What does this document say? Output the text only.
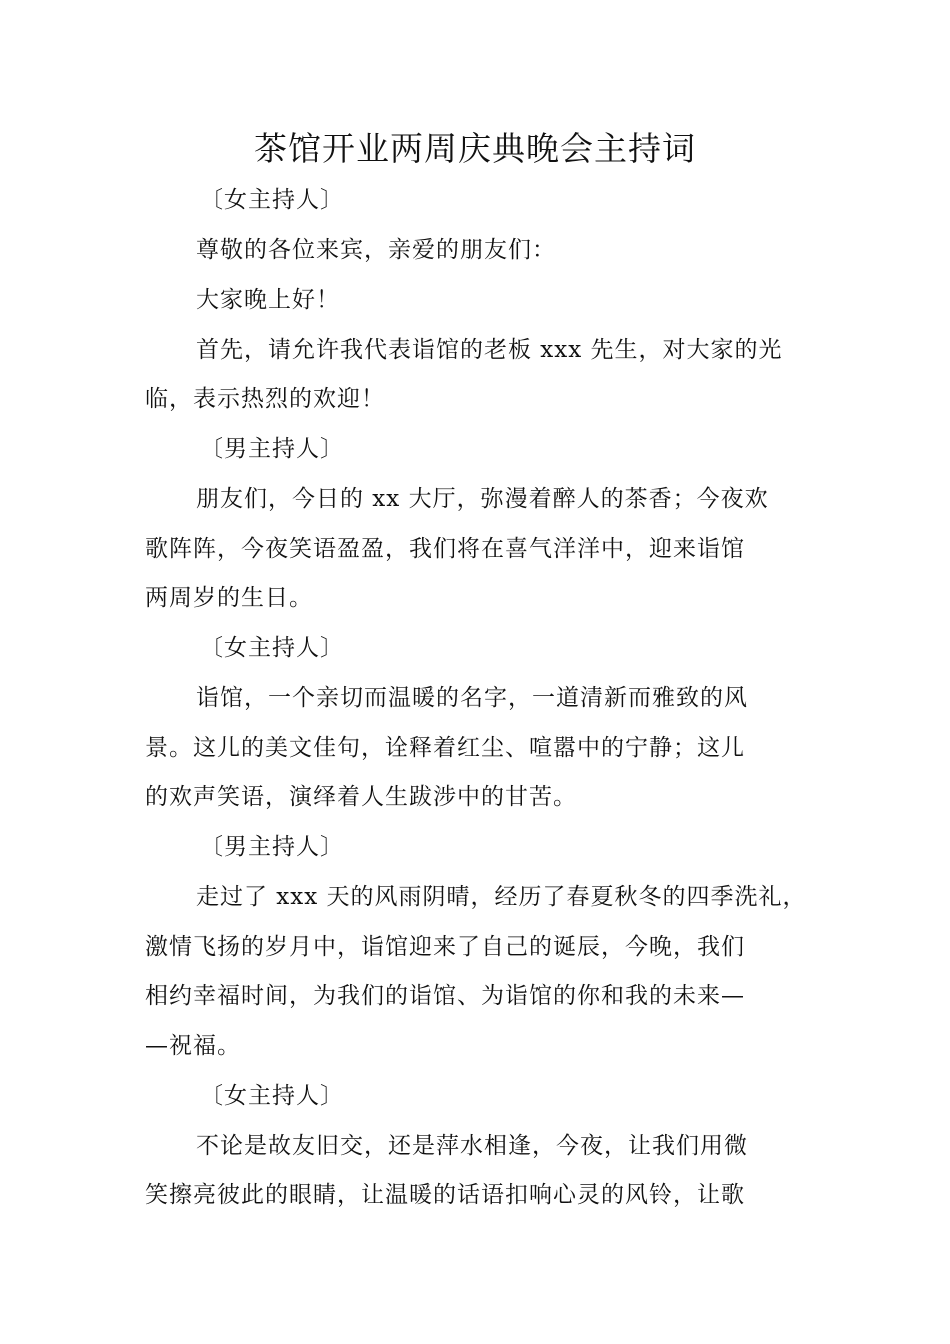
茶馆开业两周庆典晚会主持词

〔女主持人〕

尊敬的各位来宾，亲爱的朋友们：

大家晚上好！

首先，请允许我代表诣馆的老板 xxx 先生，对大家的光

临，表示热烈的欢迎！

〔男主持人〕

朋友们，今日的 xx 大厅，弥漫着醉人的茶香；今夜欢

歌阵阵，今夜笑语盈盈，我们将在喜气洋洋中，迎来诣馆

两周岁的生日。

〔女主持人〕

诣馆，一个亲切而温暖的名字，一道清新而雅致的风

景。这儿的美文佳句，诠释着红尘、喧嚣中的宁静；这儿

的欢声笑语，演绎着人生跋涉中的甘苦。

〔男主持人〕

走过了 xxx 天的风雨阴晴，经历了春夏秋冬的四季洗礼，

激情飞扬的岁月中，诣馆迎来了自己的诞辰，今晚，我们

相约幸福时间，为我们的诣馆、为诣馆的你和我的未来—

—祝福。

〔女主持人〕

不论是故友旧交，还是萍水相逢，今夜，让我们用微

笑擦亮彼此的眼睛，让温暖的话语扣响心灵的风铃，让歌
